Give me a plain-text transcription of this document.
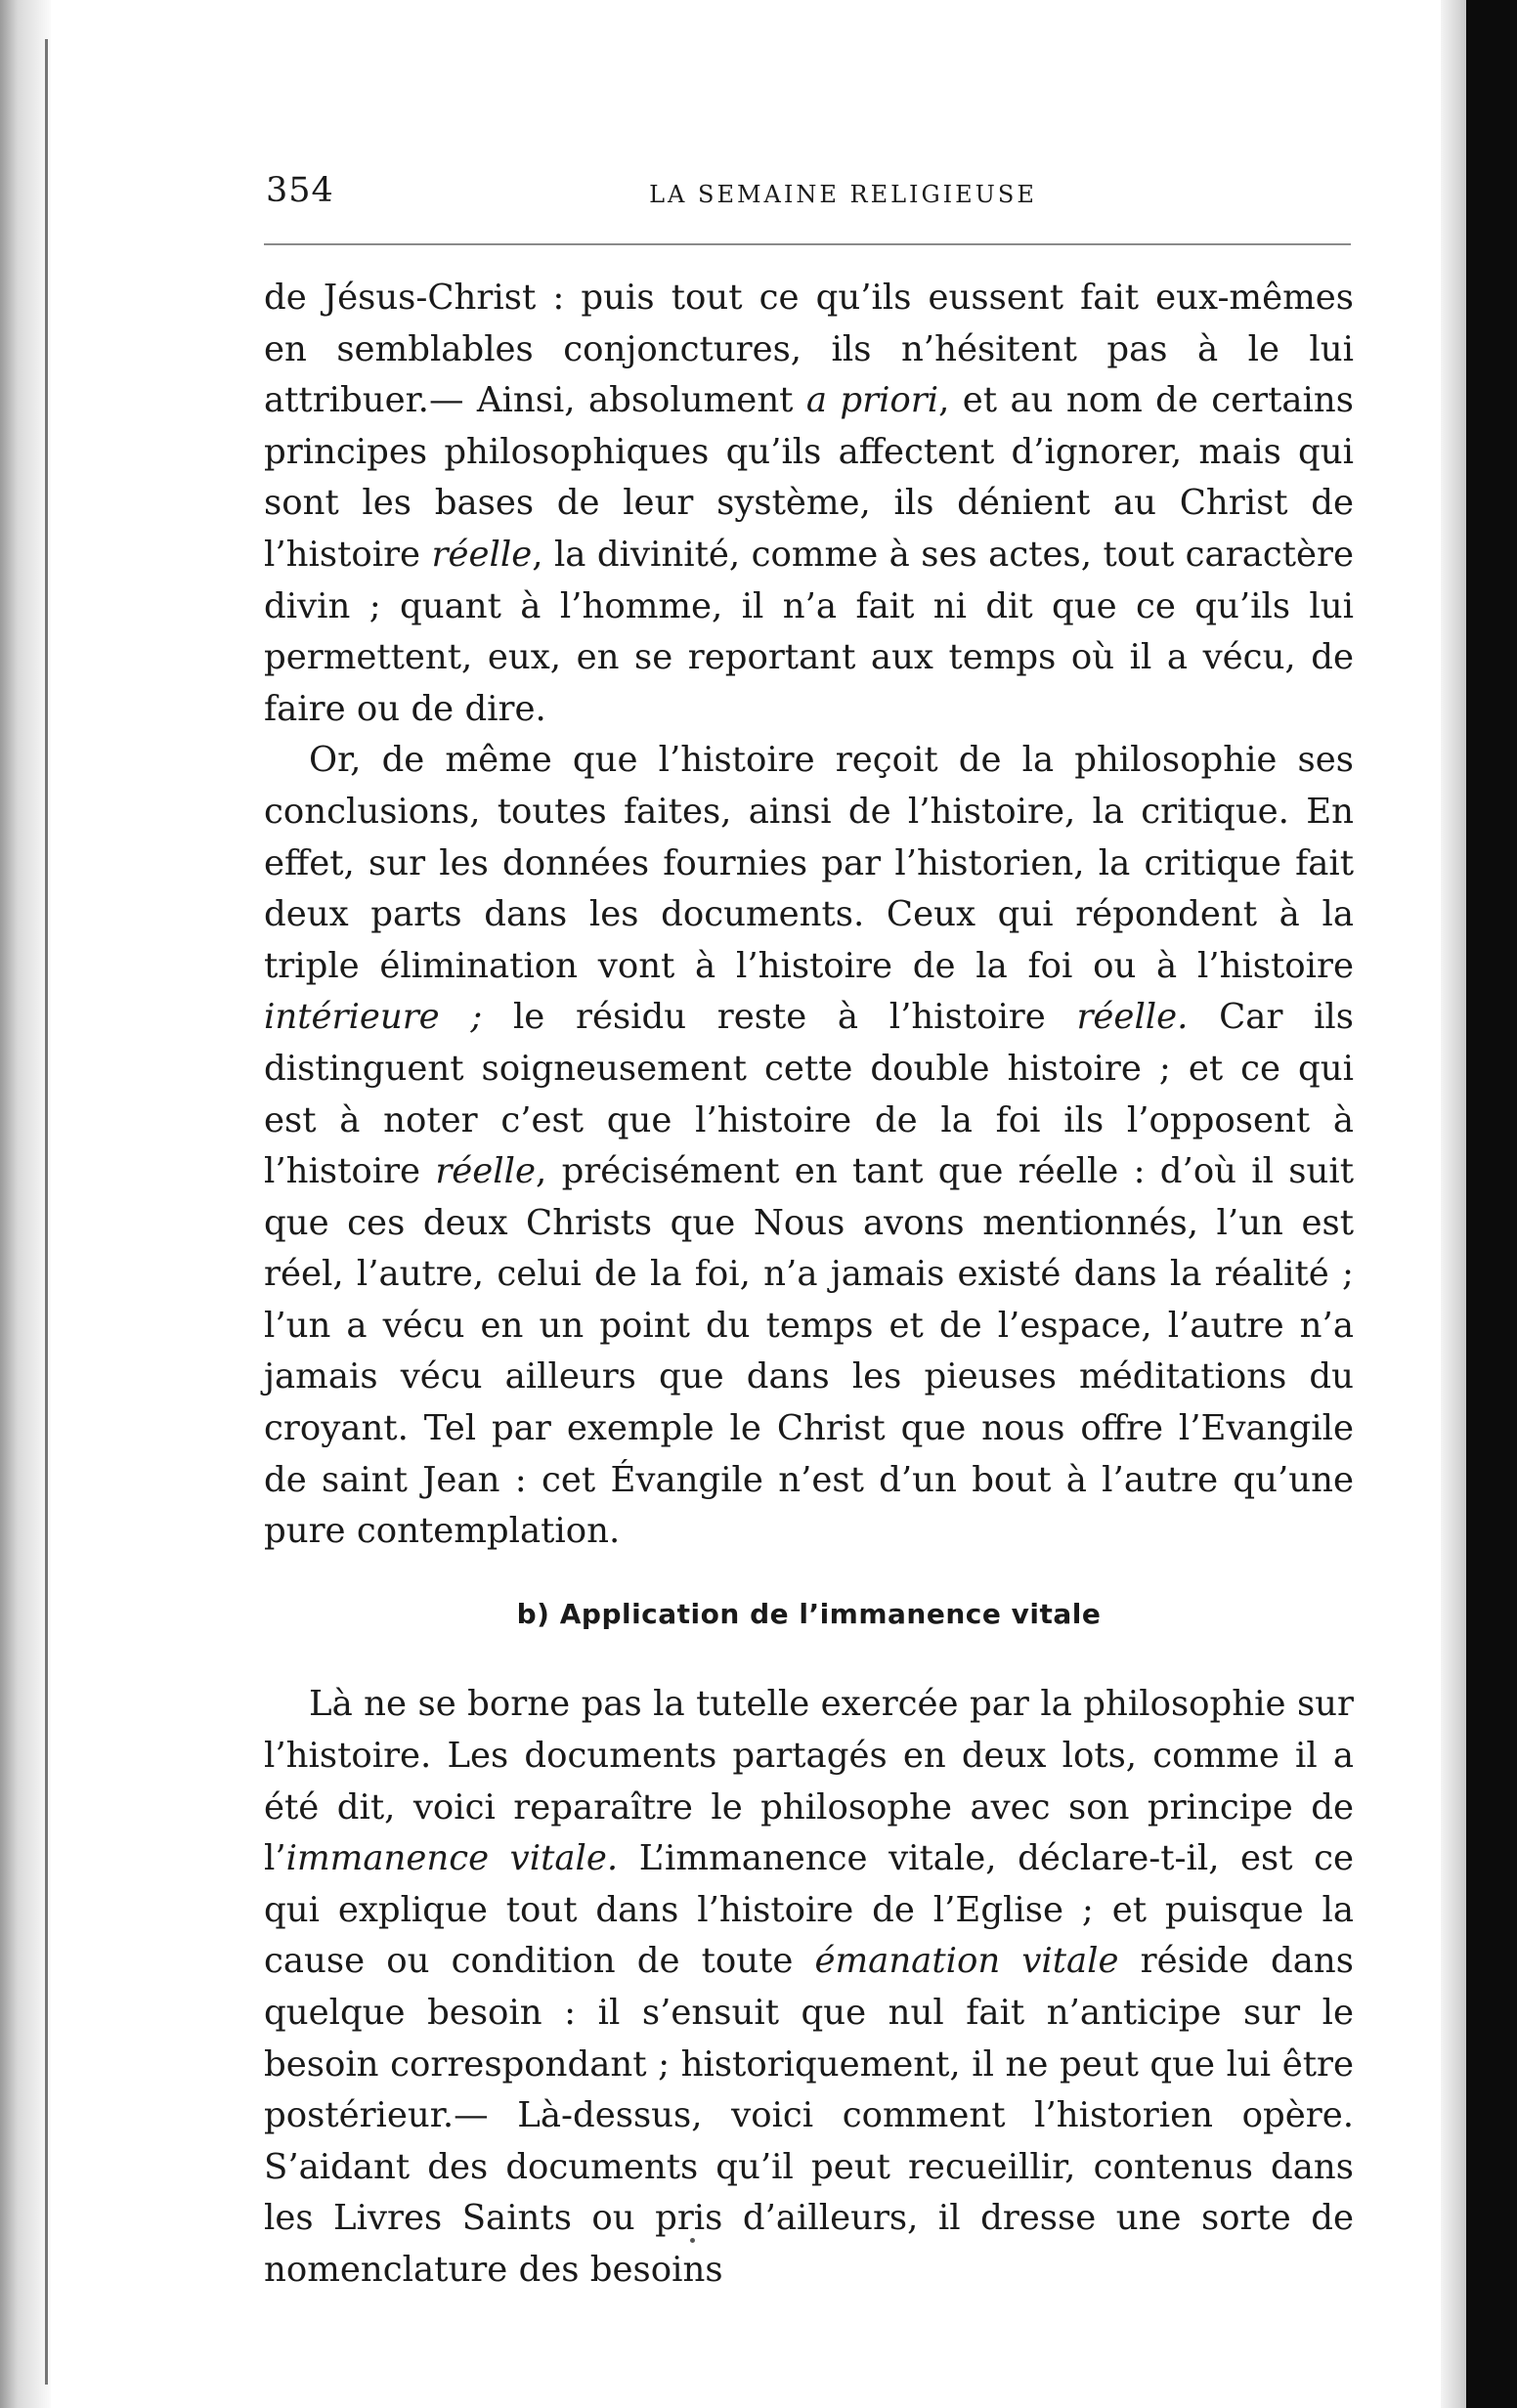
354	LA SEMAINE RELIGIEUSE

de Jésus-Christ : puis tout ce qu’ils eussent fait eux-mêmes en semblables conjonctures, ils n’hésitent pas à le lui attribuer.— Ainsi, absolument a priori, et au nom de certains principes philosophiques qu’ils affectent d’ignorer, mais qui sont les bases de leur système, ils dénient au Christ de l’histoire réelle, la divinité, comme à ses actes, tout caractère divin ; quant à l’homme, il n’a fait ni dit que ce qu’ils lui permettent, eux, en se reportant aux temps où il a vécu, de faire ou de dire.

Or, de même que l’histoire reçoit de la philosophie ses conclusions, toutes faites, ainsi de l’histoire, la critique. En effet, sur les données fournies par l’historien, la critique fait deux parts dans les documents. Ceux qui répondent à la triple élimination vont à l’histoire de la foi ou à l’histoire intérieure ; le résidu reste à l’histoire réelle. Car ils distinguent soigneusement cette double histoire ; et ce qui est à noter c’est que l’histoire de la foi ils l’opposent à l’histoire réelle, précisément en tant que réelle : d’où il suit que ces deux Christs que Nous avons mentionnés, l’un est réel, l’autre, celui de la foi, n’a jamais existé dans la réalité ; l’un a vécu en un point du temps et de l’espace, l’autre n’a jamais vécu ailleurs que dans les pieuses méditations du croyant. Tel par exemple le Christ que nous offre l’Evangile de saint Jean : cet Évangile n’est d’un bout à l’autre qu’une pure contemplation.

b) Application de l’immanence vitale

Là ne se borne pas la tutelle exercée par la philosophie sur l’histoire. Les documents partagés en deux lots, comme il a été dit, voici reparaître le philosophe avec son principe de l’immanence vitale. L’immanence vitale, déclare-t-il, est ce qui explique tout dans l’histoire de l’Eglise ; et puisque la cause ou condition de toute émanation vitale réside dans quelque besoin : il s’ensuit que nul fait n’anticipe sur le besoin correspondant ; historiquement, il ne peut que lui être postérieur.— Là-dessus, voici comment l’historien opère. S’aidant des documents qu’il peut recueillir, contenus dans les Livres Saints ou pris d’ailleurs, il dresse une sorte de nomenclature des besoins
